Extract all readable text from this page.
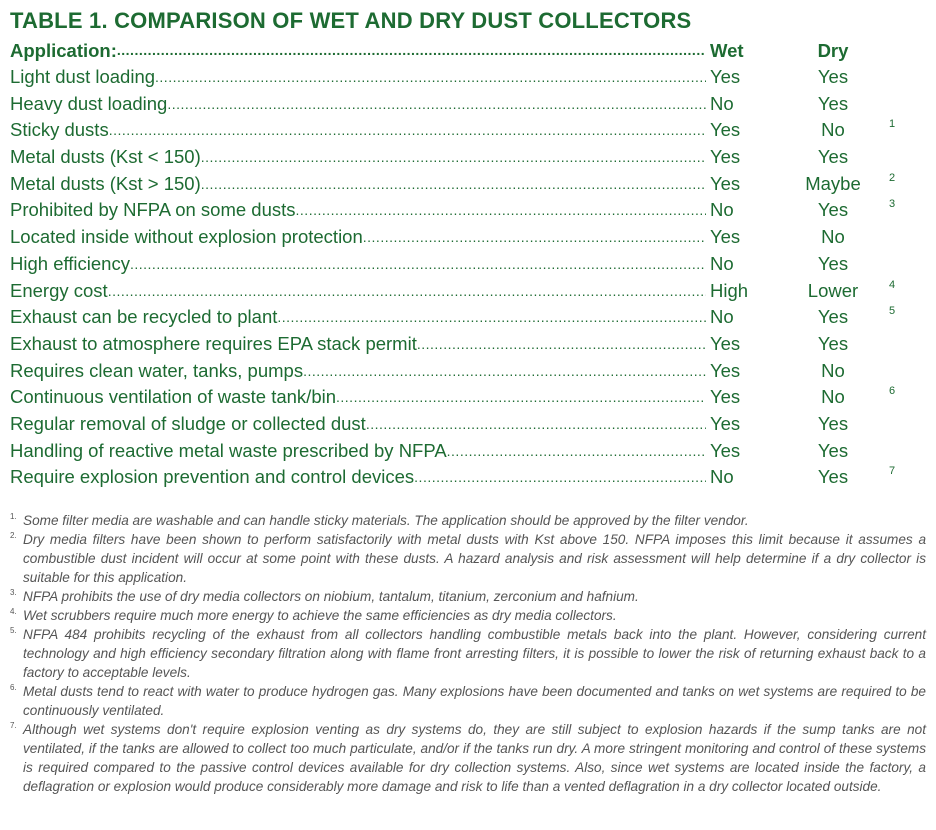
TABLE 1. COMPARISON OF WET AND DRY DUST COLLECTORS
Application: .....	Wet	Dry
Light dust loading .....	Yes	Yes
Heavy dust loading .....	No	Yes
Sticky dusts .....	Yes	No	1
Metal dusts (Kst < 150) .....	Yes	Yes
Metal dusts (Kst > 150) .....	Yes	Maybe	2
Prohibited by NFPA on some dusts .....	No	Yes	3
Located inside without explosion protection .....	Yes	No
High efficiency .....	No	Yes
Energy cost .....	High	Lower	4
Exhaust can be recycled to plant .....	No	Yes	5
Exhaust to atmosphere requires EPA stack permit .....	Yes	Yes
Requires clean water, tanks, pumps .....	Yes	No
Continuous ventilation of waste tank/bin .....	Yes	No	6
Regular removal of sludge or collected dust .....	Yes	Yes
Handling of reactive metal waste prescribed by NFPA .....	Yes	Yes
Require explosion prevention and control devices .....	No	Yes	7
1. Some filter media are washable and can handle sticky materials. The application should be approved by the filter vendor.
2. Dry media filters have been shown to perform satisfactorily with metal dusts with Kst above 150. NFPA imposes this limit because it assumes a combustible dust incident will occur at some point with these dusts. A hazard analysis and risk assessment will help determine if a dry collector is suitable for this application.
3. NFPA prohibits the use of dry media collectors on niobium, tantalum, titanium, zerconium and hafnium.
4. Wet scrubbers require much more energy to achieve the same efficiencies as dry media collectors.
5. NFPA 484 prohibits recycling of the exhaust from all collectors handling combustible metals back into the plant. However, considering current technology and high efficiency secondary filtration along with flame front arresting filters, it is possible to lower the risk of returning exhaust back to a factory to acceptable levels.
6. Metal dusts tend to react with water to produce hydrogen gas. Many explosions have been documented and tanks on wet systems are required to be continuously ventilated.
7. Although wet systems don't require explosion venting as dry systems do, they are still subject to explosion hazards if the sump tanks are not ventilated, if the tanks are allowed to collect too much particulate, and/or if the tanks run dry. A more stringent monitoring and control of these systems is required compared to the passive control devices available for dry collection systems. Also, since wet systems are located inside the factory, a deflagration or explosion would produce considerably more damage and risk to life than a vented deflagration in a dry collector located outside.
